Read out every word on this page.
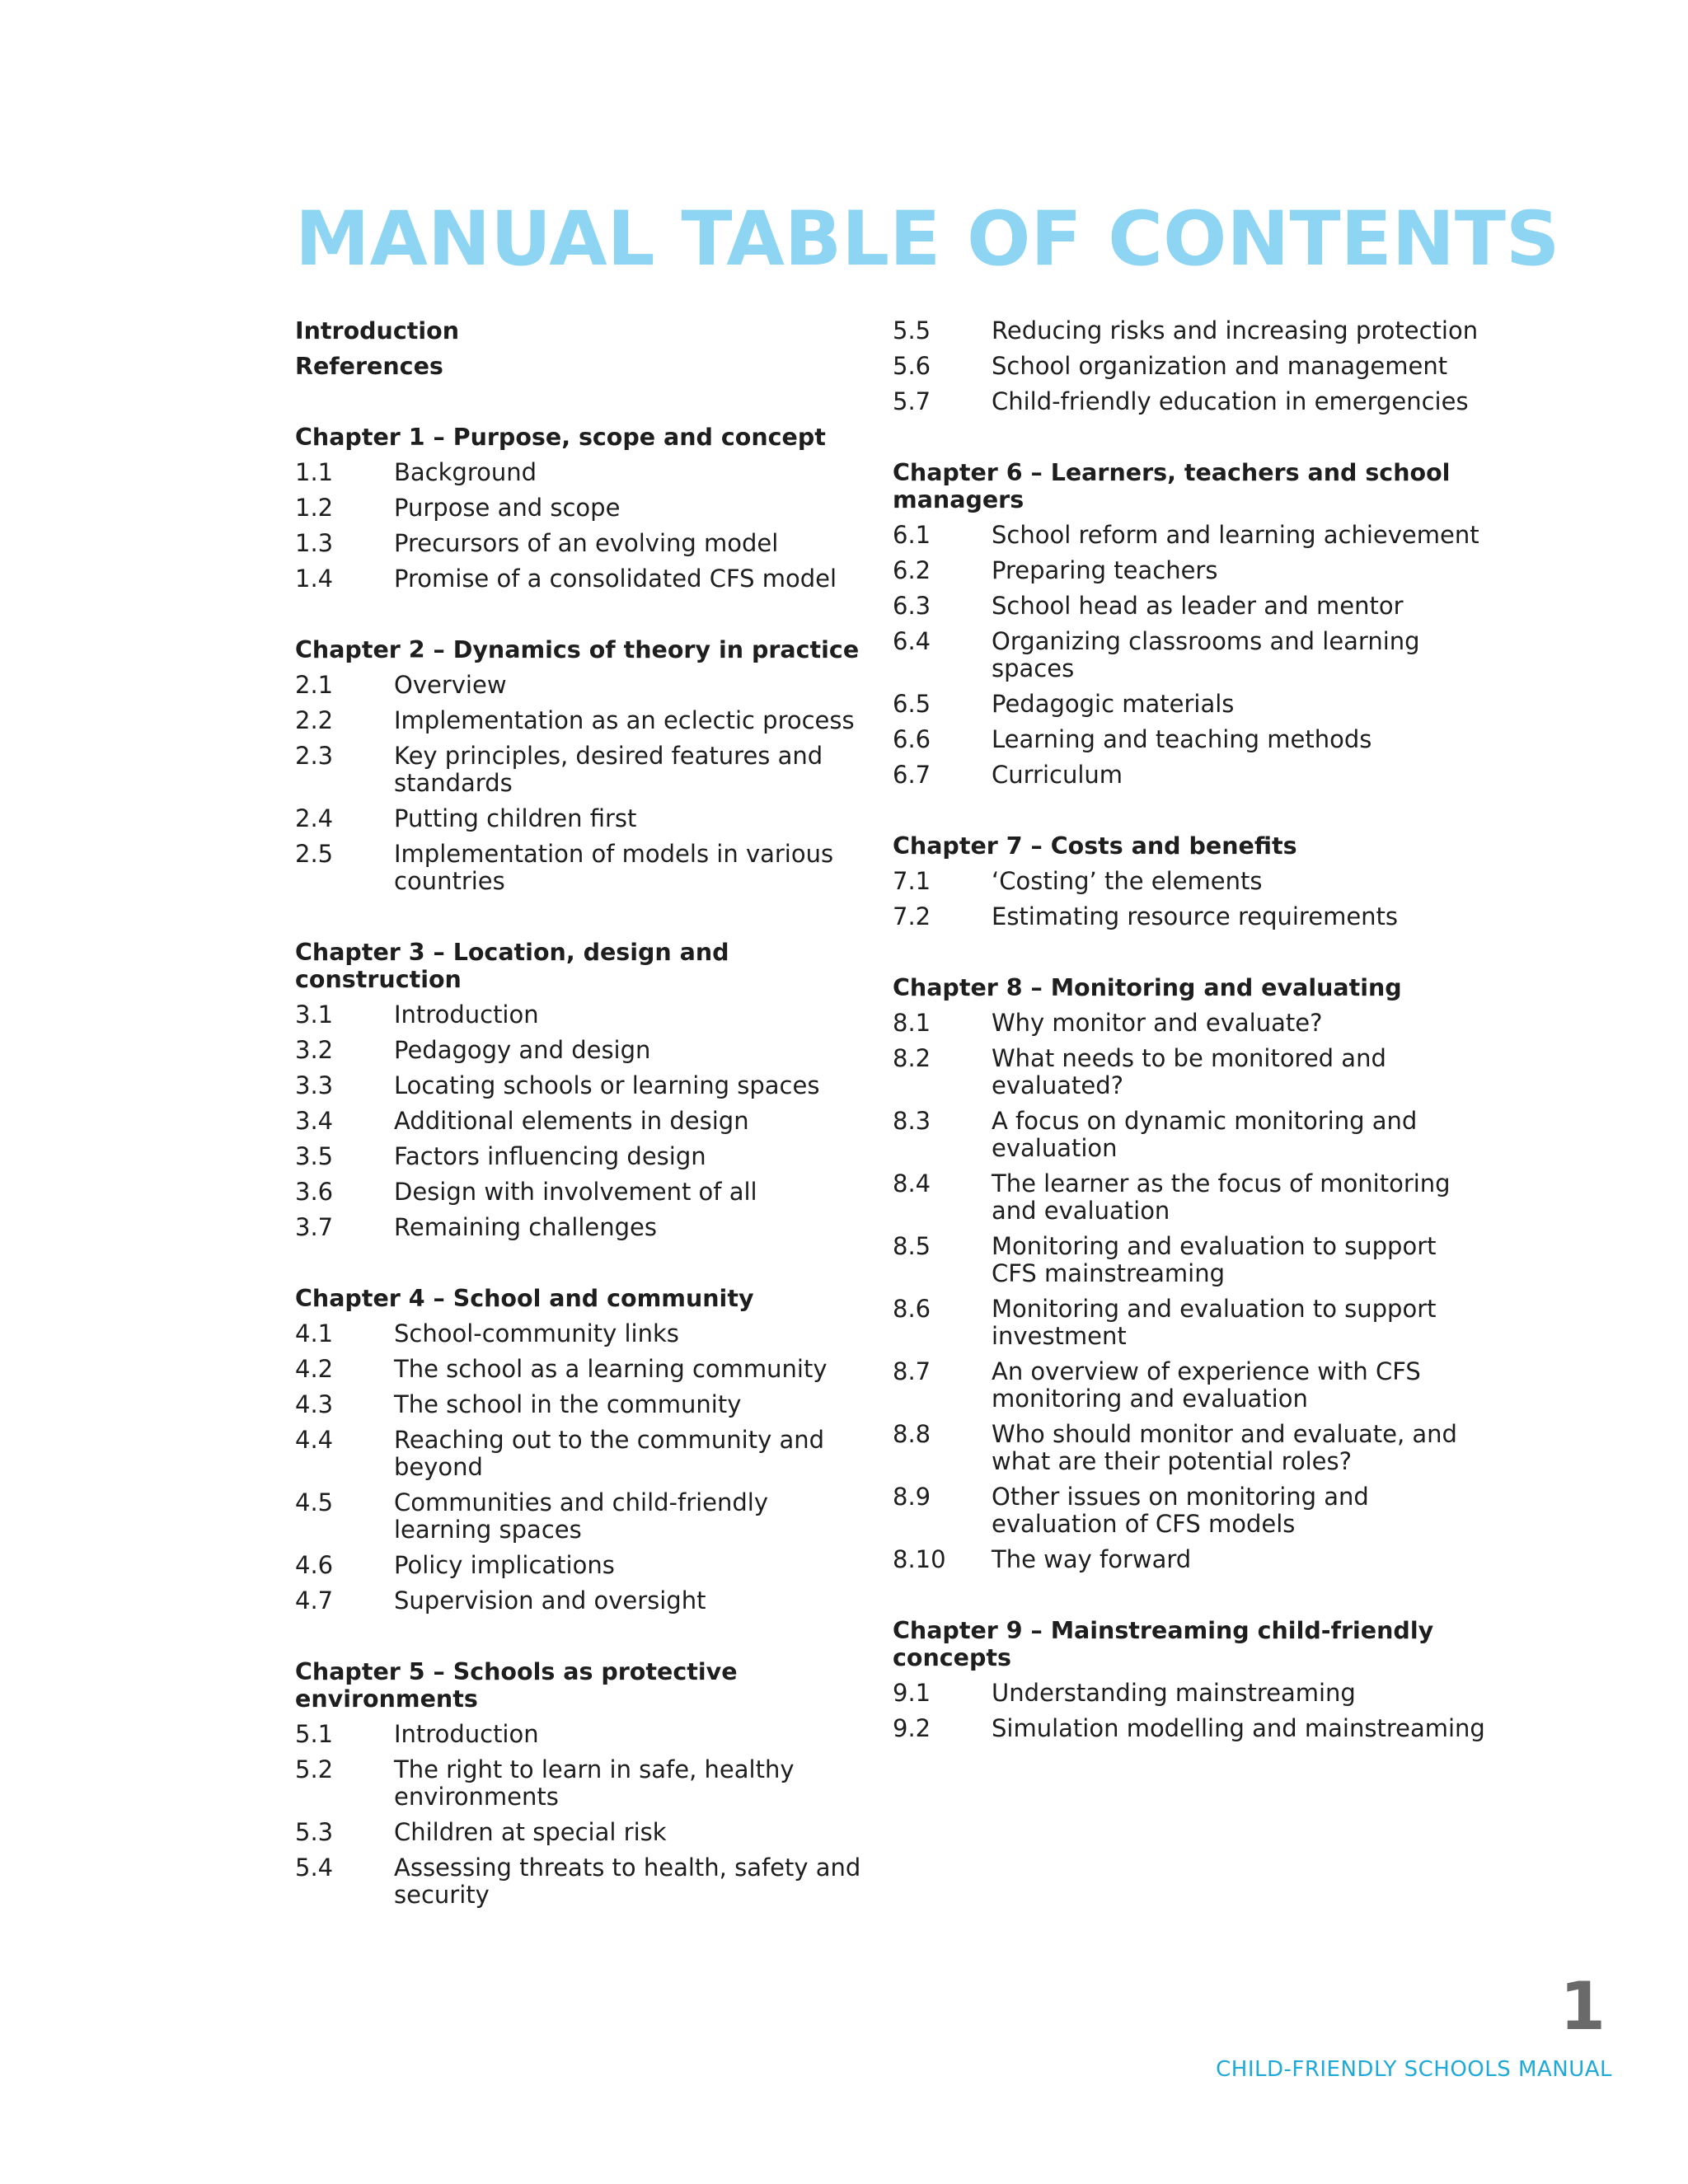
MANUAL TABLE OF CONTENTS
Introduction
References
Chapter 1 – Purpose, scope and concept
1.1	Background
1.2	Purpose and scope
1.3	Precursors of an evolving model
1.4	Promise of a consolidated CFS model
Chapter 2 – Dynamics of theory in practice
2.1	Overview
2.2	Implementation as an eclectic process
2.3	Key principles, desired features and standards
2.4	Putting children first
2.5	Implementation of models in various countries
Chapter 3 – Location, design and construction
3.1	Introduction
3.2	Pedagogy and design
3.3	Locating schools or learning spaces
3.4	Additional elements in design
3.5	Factors influencing design
3.6	Design with involvement of all
3.7	Remaining challenges
Chapter 4 – School and community
4.1	School-community links
4.2	The school as a learning community
4.3	The school in the community
4.4	Reaching out to the community and beyond
4.5	Communities and child-friendly learning spaces
4.6	Policy implications
4.7	Supervision and oversight
Chapter 5 – Schools as protective environments
5.1	Introduction
5.2	The right to learn in safe, healthy environments
5.3	Children at special risk
5.4	Assessing threats to health, safety and security
5.5	Reducing risks and increasing protection
5.6	School organization and management
5.7	Child-friendly education in emergencies
Chapter 6 – Learners, teachers and school managers
6.1	School reform and learning achievement
6.2	Preparing teachers
6.3	School head as leader and mentor
6.4	Organizing classrooms and learning spaces
6.5	Pedagogic materials
6.6	Learning and teaching methods
6.7	Curriculum
Chapter 7 – Costs and benefits
7.1	‘Costing’ the elements
7.2	Estimating resource requirements
Chapter 8 – Monitoring and evaluating
8.1	Why monitor and evaluate?
8.2	What needs to be monitored and evaluated?
8.3	A focus on dynamic monitoring and evaluation
8.4	The learner as the focus of monitoring and evaluation
8.5	Monitoring and evaluation to support CFS mainstreaming
8.6	Monitoring and evaluation to support investment
8.7	An overview of experience with CFS monitoring and evaluation
8.8	Who should monitor and evaluate, and what are their potential roles?
8.9	Other issues on monitoring and evaluation of CFS models
8.10	The way forward
Chapter 9 – Mainstreaming child-friendly concepts
9.1	Understanding mainstreaming
9.2	Simulation modelling and mainstreaming
1
CHILD-FRIENDLY SCHOOLS MANUAL
